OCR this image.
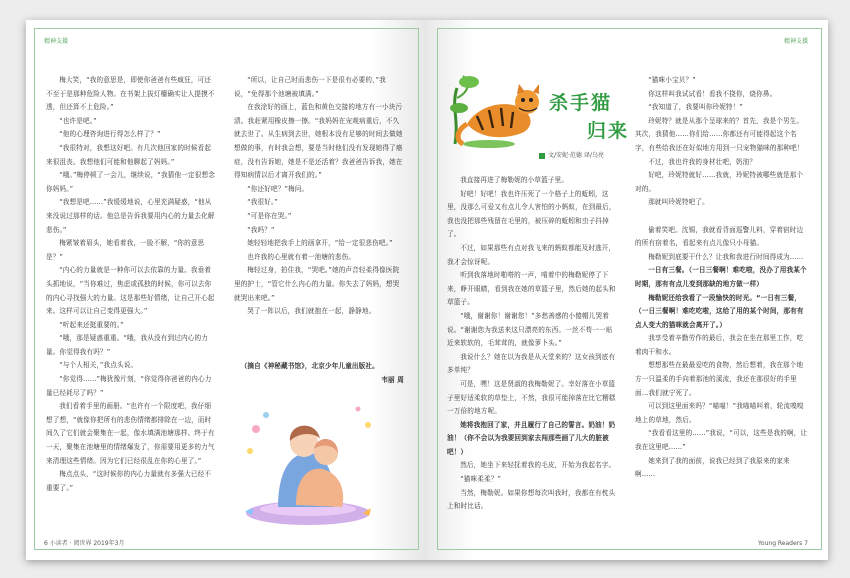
精神支援

梅大笑，“我的意思是，即使你爸爸有些疯狂，可还不至于是那种危险人物。在书架上拔灯檯确实让人提摸不透，但还算不上危险。”

“也许是吧。”

“他的心理咨询进行得怎么样了？”

“我很特对，我想这好吧。有几次他回家的时候看起来很沮丧。我想他们可能和他聊起了妈妈。”

“哦。”梅停顿了一会儿，继续说，“我猜他一定很想念你妈妈。”

“我想是吧……”我缓缓地说，心里充满疑惑，“他从来没说过那样的话。他总是告诉我要用内心的力量去化解悲伤。”

梅紧皱着眉头，她看着我，一脸不解，“你的意思是？”

“内心的力量就是一种你可以去依靠的力量。我垂着头抓地说，“当你难过，焦虑或孤独的时候，你可以去你的内心寻找强大的力量。这是那些好情绪，让自己开心起来。这样可以让自己变得更强大。”

“听起来还挺重要的。”

“哦，那是疑惑重重。“哦，我从没有到过内心的力量。你觉得我有吗？”

“与个人相关，”我点头说。

“你觉得……”梅犹豫片刻，“你觉得你爸爸的内心力量已经耗尽了吗？”

我们看着手里的画册。“也许有一个限度吧，我仔细想了想，“就像你把所有的悲伤情绪都排除在一边，而时间久了它们就会聚集在一起，像水填满池塘那样。终于有一天，聚集在池塘里的情绪爆发了，你需要用更多的力气来清理这些情绪。因为它们已经很乱在你的心里了。”

梅点点头，“这时候你的内心力量就有多强大已经不重要了。”

“所以，让自己时而悲伤一下是很有必要的，”我说，“免得那个池塘被填满。”

在我涂好的画上，蓝色和黄色交接的地方有一小块污渍。我赶紧用橡皮擦一擦。“我妈妈在宠观病重后，不久就去世了。从生病到去世，她根本没有足够的时间去做她想做的事，有时我会想，要是当时他们没有发现她得了癌症，没有告诉她，她是不是还活着？我爸爸告诉我，她在得知病情以后才离开我们的。”

“你还好吧？”梅问。

“我很好。”

“可是你在哭。”

“我吗？”

她轻轻地把我手上的画拿开，“给一定很悲伤吧。”

也许我的心里就有着一池塘的悲伤。

梅轻过身，拍住我，“哭吧。”她的声音轻柔得像医院里的护士，“管它什么内心的力量。你失去了妈妈，想哭就哭出来吧。”

哭了一阵以后，我们就抱在一起，静静地。

（摘自《神秘藏书馆》，北京少年儿童出版社。

韦丽 周

6 小读者 · 阅世界 2019年3月
精神支援
杀手猫
归来
文/安妮·范德 译/乌亮

我直接再进了梅勒妮的小草篮子里。

好吧！好吧！我也许压死了一个格子上的蚯蚓，这里，没那么可爱又有点儿令人害怕的小蚂蚁，在到最后，我也没把那些残留在毛里的，被压碎的蚯蚓和虫子抖掉了。

不过，如果那些有点对我飞来的蚂蚁都能及时逃开，我才会惊讶呢。

听到我落地时啪嗒的一声，啃着中的梅勒妮停了下来，睁开眼睛，看到我在她的草篮子里，然后她的起头和草篮子。

“哦，谢谢你！谢谢您！”多愁善感的小傻帽儿哭着说。“谢谢您为我送来这只漂亮的东西。一丝不苟一一贴近来软软的，毛茸茸的，就像萝卜头。”

我说什么？她在以为我是从天堂来的？这女孩到底有多单纯？

可是，嘿！这是贤淑的我梅勒妮了。幸好落在小草篮子里好适柔软的草垫上，不然，我很可能掉落在比它糟糕一万倍的地方呢。

她将我抱回了家，并且履行了自己的誓言。奶油！奶油！（你不会以为我要回到家去闯那些画了儿大的脏被吧！）

然后，她坐下来轻抚着我的毛皮，开始为我起名字。

“猫咪柔柔？”

当然，梅勒妮。如果你想每次叫我时，我都在有枕头上和时比话。

“猫咪小宝贝？”

你这样叫我试试看！看我不挠你，烧你鼻。

“我知道了，我要叫你玲妮特！”

玲妮特？就是从那个呈球来的？首先，我是个男生。其次，我猜他……你们给……你都还有可能得起这个名字，有些给我还在好似地方用到一只宠物猫咪的那种吧！

不过，我也许我的身材壮吧，奶油？

好吧，玲妮特就好……我就，玲妮特被哪些就是那个对的。

那就叫玲妮特吧了。

偷着笑吧。沈锡，我就看背面巡警儿料，穿着宿时边的所有宿着名，看起来有点儿像只小母猫。

梅勒妮到底要干什么？让我和我进行时间得成为……

一日有三餐。（一日三餐啊！难吃啦，没办了用我某个时期，那有有点儿变到那缺的地方做一样）

梅勒妮还给我看了一段愉快的时光。“一日有三餐，（一日三餐啊！难吃吃啦，这给了用的某个时间，那有有点人变大的猫咪就会离开了。）

我享受着辛勤劳作的最后，我会在坐在那里工作，吃着肉干和水。

想想那些在最最爱吃的食物，然后想着，我在那个地方一只温柔的手向着那池的溪流，我还在那很好的手里面…我们就宁死了。

可以到这里面来吗？“喵喵！”我喵喵叫着，轮流嗅嗅地上的草地，然后。

“我看看这里的……”我说，“可以，这些是我的啊，让我在这里吧……”

她来到了我的面前，说我已经到了我原来的家来啊……

Young Readers 7
